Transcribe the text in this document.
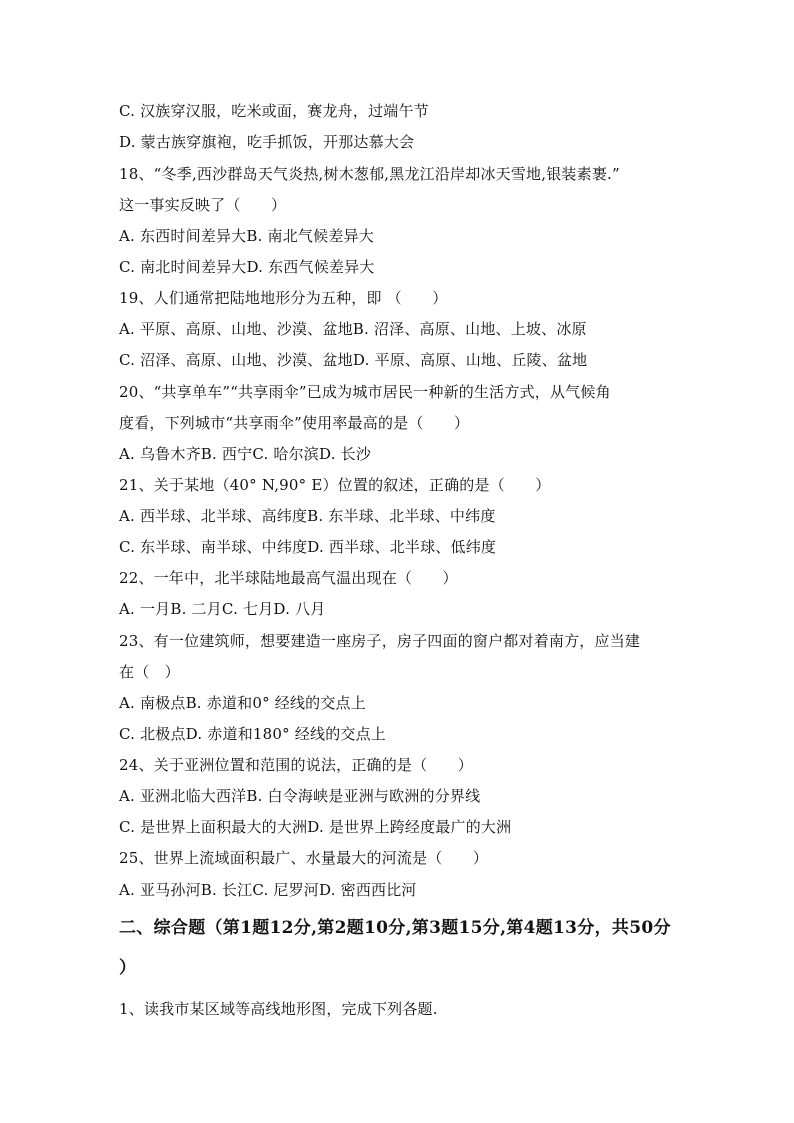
C. 汉族穿汉服，吃米或面，赛龙舟，过端午节
D. 蒙古族穿旗袍，吃手抓饭，开那达慕大会
18、“冬季,西沙群岛天气炎热,树木葱郁,黑龙江沿岸却冰天雪地,银装素裹.”
这一事实反映了（　　）
A. 东西时间差异大B. 南北气候差异大
C. 南北时间差异大D. 东西气候差异大
19、人们通常把陆地地形分为五种，即 （　　）
A. 平原、高原、山地、沙漠、盆地B. 沼泽、高原、山地、上坡、冰原
C. 沼泽、高原、山地、沙漠、盆地D. 平原、高原、山地、丘陵、盆地
20、“共享单车”“共享雨伞”已成为城市居民一种新的生活方式，从气候角
度看，下列城市“共享雨伞”使用率最高的是（　　）
A. 乌鲁木齐B. 西宁C. 哈尔滨D. 长沙
21、关于某地（40° N,90° E）位置的叙述，正确的是（　　）
A. 西半球、北半球、高纬度B. 东半球、北半球、中纬度
C. 东半球、南半球、中纬度D. 西半球、北半球、低纬度
22、一年中，北半球陆地最高气温出现在（　　）
A. 一月B. 二月C. 七月D. 八月
23、有一位建筑师，想要建造一座房子，房子四面的窗户都对着南方，应当建
在（　）
A. 南极点B. 赤道和0° 经线的交点上
C. 北极点D. 赤道和180° 经线的交点上
24、关于亚洲位置和范围的说法，正确的是（　　）
A. 亚洲北临大西洋B. 白令海峡是亚洲与欧洲的分界线
C. 是世界上面积最大的大洲D. 是世界上跨经度最广的大洲
25、世界上流域面积最广、水量最大的河流是（　　）
A. 亚马孙河B. 长江C. 尼罗河D. 密西西比河
二、综合题（第1题12分,第2题10分,第3题15分,第4题13分，共50分
）
1、读我市某区域等高线地形图，完成下列各题.
